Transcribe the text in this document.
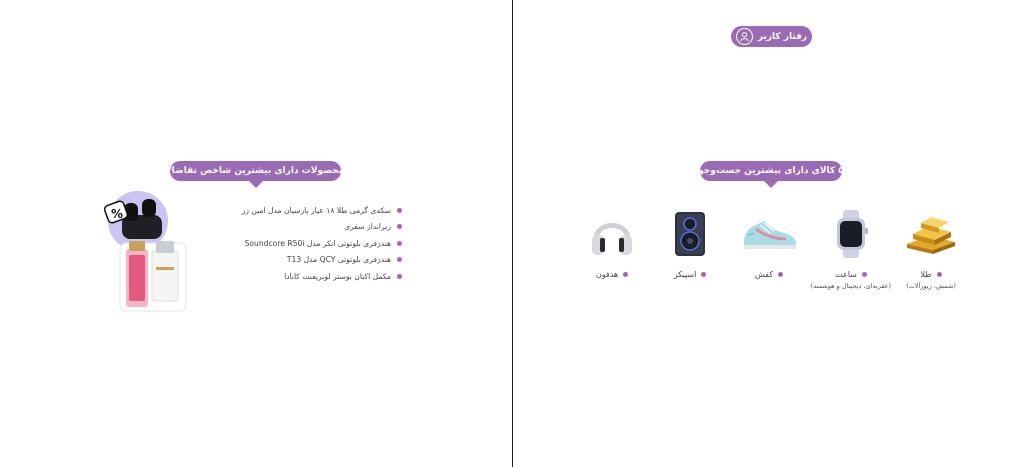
رفتار کاربر
۵ کالای دارای بیشترین جست‌وجو
طلا
(شمش، زیورآلات)
ساعت
(عقربه‌ای، دیجیتال و هوشمند)
کفش
اسپیکر
هدفون
محصولات دارای بیشترین شاخص تقاضا*
سکه‌ی گرمی طلا ۱۸ عیار پارسیان مدل امین زر
زیرانداز سفری
هندزفری بلوتوثی انکر مدل Soundcore R50i
هندزفری بلوتوثی QCY مدل T13
مکمل اکتان بوستر لوبریفنت کانادا
%
